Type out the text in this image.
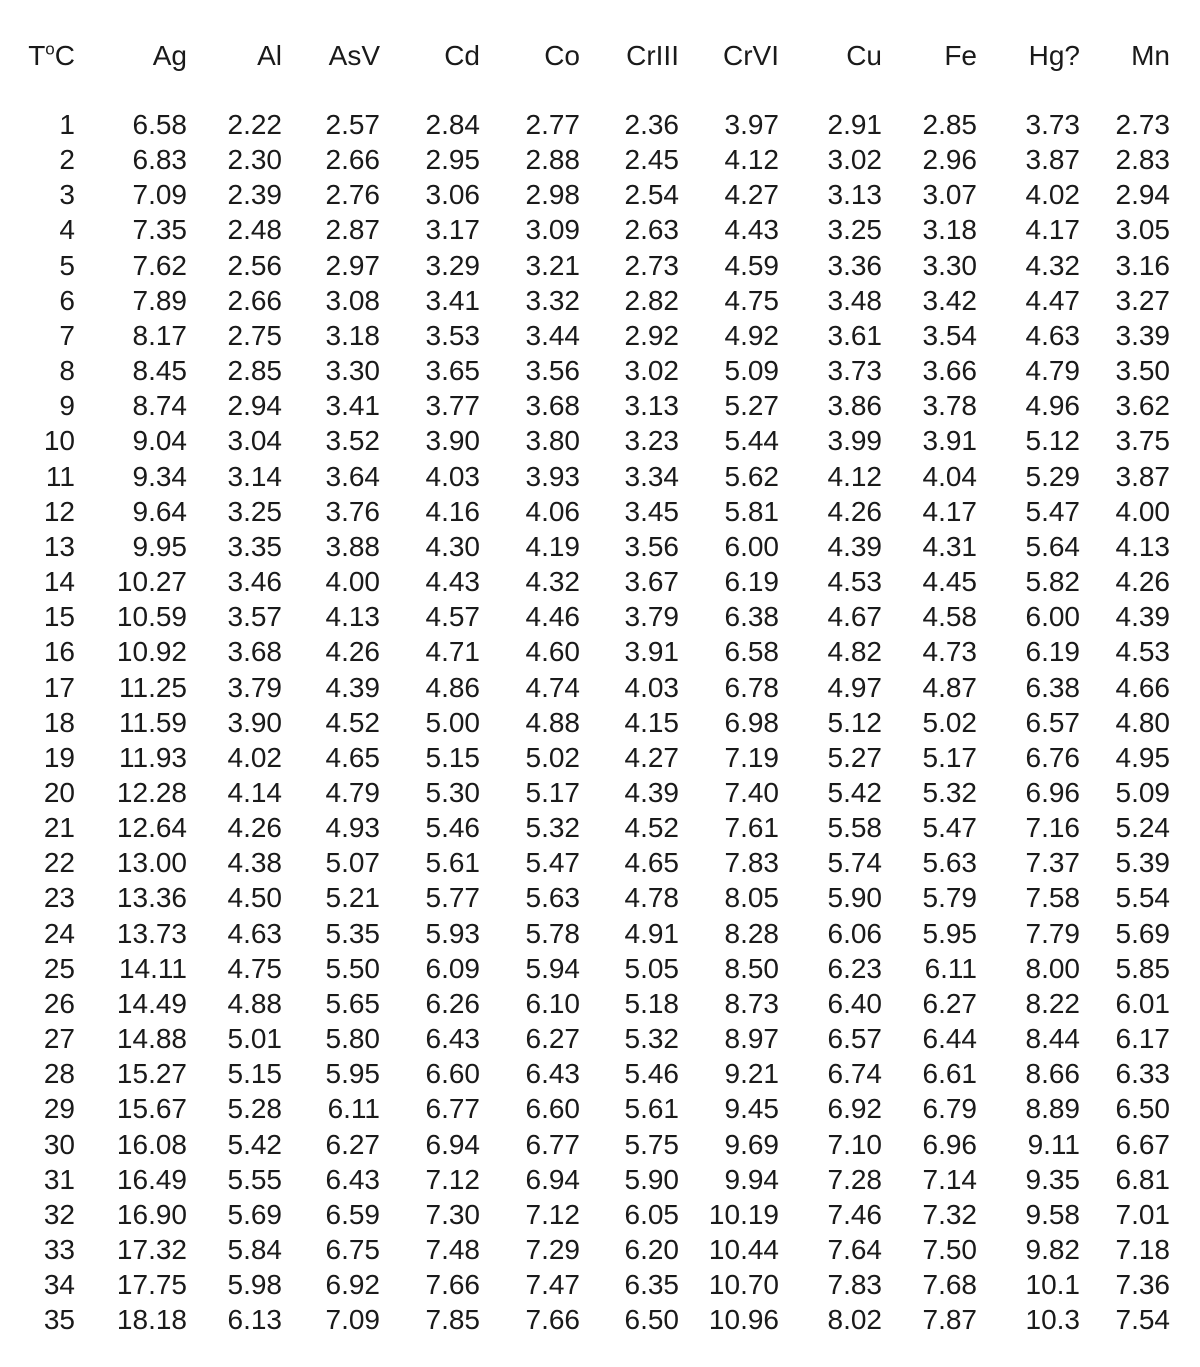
$T^oC$	Ag	Al	AsV	Cd	Co	CrIII	CrVI	Cu	Fe	Hg?	Mn

1	6.58	2.22	2.57	2.84	2.77	2.36	3.97	2.91	2.85	3.73	2.73
2	6.83	2.30	2.66	2.95	2.88	2.45	4.12	3.02	2.96	3.87	2.83
3	7.09	2.39	2.76	3.06	2.98	2.54	4.27	3.13	3.07	4.02	2.94
4	7.35	2.48	2.87	3.17	3.09	2.63	4.43	3.25	3.18	4.17	3.05
5	7.62	2.56	2.97	3.29	3.21	2.73	4.59	3.36	3.30	4.32	3.16
6	7.89	2.66	3.08	3.41	3.32	2.82	4.75	3.48	3.42	4.47	3.27
7	8.17	2.75	3.18	3.53	3.44	2.92	4.92	3.61	3.54	4.63	3.39
8	8.45	2.85	3.30	3.65	3.56	3.02	5.09	3.73	3.66	4.79	3.50
9	8.74	2.94	3.41	3.77	3.68	3.13	5.27	3.86	3.78	4.96	3.62
10	9.04	3.04	3.52	3.90	3.80	3.23	5.44	3.99	3.91	5.12	3.75
11	9.34	3.14	3.64	4.03	3.93	3.34	5.62	4.12	4.04	5.29	3.87
12	9.64	3.25	3.76	4.16	4.06	3.45	5.81	4.26	4.17	5.47	4.00
13	9.95	3.35	3.88	4.30	4.19	3.56	6.00	4.39	4.31	5.64	4.13
14	10.27	3.46	4.00	4.43	4.32	3.67	6.19	4.53	4.45	5.82	4.26
15	10.59	3.57	4.13	4.57	4.46	3.79	6.38	4.67	4.58	6.00	4.39
16	10.92	3.68	4.26	4.71	4.60	3.91	6.58	4.82	4.73	6.19	4.53
17	11.25	3.79	4.39	4.86	4.74	4.03	6.78	4.97	4.87	6.38	4.66
18	11.59	3.90	4.52	5.00	4.88	4.15	6.98	5.12	5.02	6.57	4.80
19	11.93	4.02	4.65	5.15	5.02	4.27	7.19	5.27	5.17	6.76	4.95
20	12.28	4.14	4.79	5.30	5.17	4.39	7.40	5.42	5.32	6.96	5.09
21	12.64	4.26	4.93	5.46	5.32	4.52	7.61	5.58	5.47	7.16	5.24
22	13.00	4.38	5.07	5.61	5.47	4.65	7.83	5.74	5.63	7.37	5.39
23	13.36	4.50	5.21	5.77	5.63	4.78	8.05	5.90	5.79	7.58	5.54
24	13.73	4.63	5.35	5.93	5.78	4.91	8.28	6.06	5.95	7.79	5.69
25	14.11	4.75	5.50	6.09	5.94	5.05	8.50	6.23	6.11	8.00	5.85
26	14.49	4.88	5.65	6.26	6.10	5.18	8.73	6.40	6.27	8.22	6.01
27	14.88	5.01	5.80	6.43	6.27	5.32	8.97	6.57	6.44	8.44	6.17
28	15.27	5.15	5.95	6.60	6.43	5.46	9.21	6.74	6.61	8.66	6.33
29	15.67	5.28	6.11	6.77	6.60	5.61	9.45	6.92	6.79	8.89	6.50
30	16.08	5.42	6.27	6.94	6.77	5.75	9.69	7.10	6.96	9.11	6.67
31	16.49	5.55	6.43	7.12	6.94	5.90	9.94	7.28	7.14	9.35	6.81
32	16.90	5.69	6.59	7.30	7.12	6.05	10.19	7.46	7.32	9.58	7.01
33	17.32	5.84	6.75	7.48	7.29	6.20	10.44	7.64	7.50	9.82	7.18
34	17.75	5.98	6.92	7.66	7.47	6.35	10.70	7.83	7.68	10.1	7.36
35	18.18	6.13	7.09	7.85	7.66	6.50	10.96	8.02	7.87	10.3	7.54
